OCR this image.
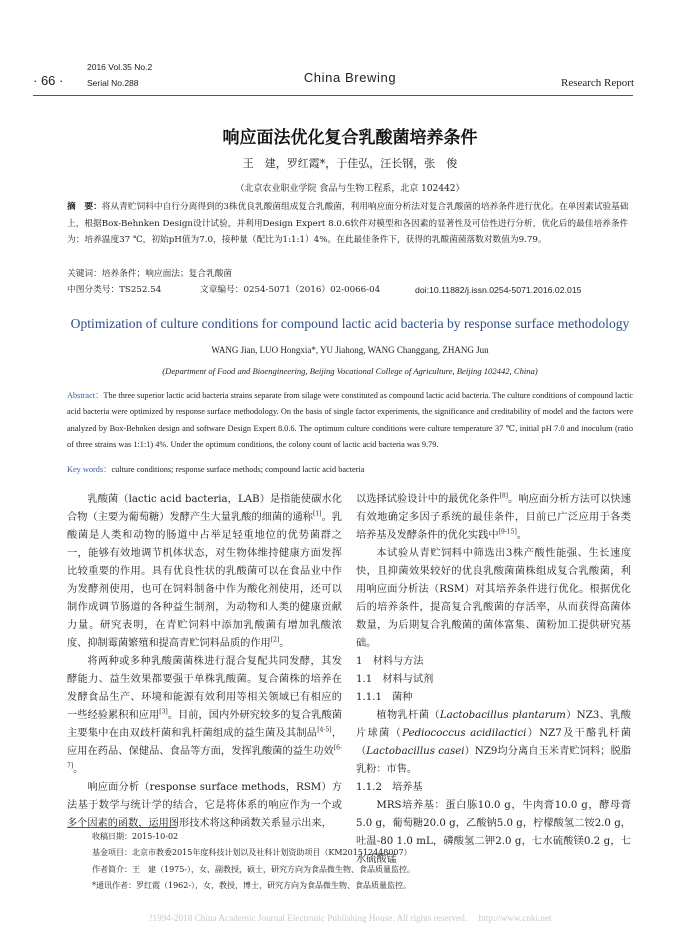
· 66 ·
2016 Vol.35 No.2
Serial No.288	China Brewing	Research Report
响应面法优化复合乳酸菌培养条件
王　建，罗红霞*，于佳弘，汪长钢，张　俊
（北京农业职业学院 食品与生物工程系，北京 102442）
摘　要：将从青贮饲料中自行分离得到的3株优良乳酸菌组成复合乳酸菌，利用响应面分析法对复合乳酸菌的培养条件进行优化。在单因素试验基础上，根据Box-Behnken Design设计试验，并利用Design Expert 8.0.6软件对模型和各因素的显著性及可信性进行分析，优化后的最佳培养条件为：培养温度37 ℃，初始pH值为7.0，接种量（配比为1:1:1）4%。在此最佳条件下，获得的乳酸菌菌落数对数值为9.79。
关键词：培养条件；响应面法；复合乳酸菌
中图分类号：TS252.54	文章编号：0254-5071（2016）02-0066-04	doi:10.11882/j.issn.0254-5071.2016.02.015
Optimization of culture conditions for compound lactic acid bacteria by response surface methodology
WANG Jian, LUO Hongxia*, YU Jiahong, WANG Changgang, ZHANG Jun
(Department of Food and Bioengineering, Beijing Vocational College of Agriculture, Beijing 102442, China)
Abstract：The three superior lactic acid bacteria strains separate from silage were constituted as compound lactic acid bacteria. The culture conditions of compound lactic acid bacteria were optimized by response surface methodology. On the basis of single factor experiments, the significance and creditability of model and the factors were analyzed by Box-Behnken design and software Design Expert 8.0.6. The optimum culture conditions were culture temperature 37 ℃, initial pH 7.0 and inoculum (ratio of three strains was 1:1:1) 4%. Under the optimum conditions, the colony count of lactic acid bacteria was 9.79.
Key words：culture conditions; response surface methods; compound lactic acid bacteria

乳酸菌（lactic acid bacteria，LAB）是指能使碳水化合物（主要为葡萄糖）发酵产生大量乳酸的细菌的通称[1]。乳酸菌是人类和动物的肠道中占举足轻重地位的优势菌群之一，能够有效地调节机体状态，对生物体维持健康方面发挥比较重要的作用。具有优良性状的乳酸菌可以在食品业中作为发酵剂使用，也可在饲料制备中作为酸化剂使用，还可以制作成调节肠道的各种益生制剂，为动物和人类的健康贡献力量。研究表明，在青贮饲料中添加乳酸菌有增加乳酸浓度、抑制霉菌繁殖和提高青贮饲料品质的作用[2]。

将两种或多种乳酸菌菌株进行混合复配共同发酵，其发酵能力、益生效果都要强于单株乳酸菌。复合菌株的培养在发酵食品生产、环境和能源有效利用等相关领域已有相应的一些经验累积和应用[3]。目前，国内外研究较多的复合乳酸菌主要集中在由双歧杆菌和乳杆菌组成的益生菌及其制品[4-5]，应用在药品、保健品、食品等方面，发挥乳酸菌的益生功效[6-7]。

响应面分析（response surface methods，RSM）方法基于数学与统计学的结合，它是将体系的响应作为一个或多个因素的函数，运用图形技术将这种函数关系显示出来，

以选择试验设计中的最优化条件[8]。响应面分析方法可以快速有效地确定多因子系统的最佳条件，目前已广泛应用于各类培养基及发酵条件的优化实践中[9-15]。

本试验从青贮饲料中筛选出3株产酸性能强、生长速度快，且抑菌效果较好的优良乳酸菌菌株组成复合乳酸菌，利用响应面分析法（RSM）对其培养条件进行优化。根据优化后的培养条件，提高复合乳酸菌的存活率，从而获得高菌体数量，为后期复合乳酸菌的菌体富集、菌粉加工提供研究基础。

1　材料与方法

1.1　材料与试剂

1.1.1　菌种

植物乳杆菌（Lactobacillus plantarum）NZ3、乳酸片球菌（Pediococcus acidilactici）NZ7及干酪乳杆菌（Lactobacillus casei）NZ9均分离自玉米青贮饲料；脱脂乳粉：市售。

1.1.2　培养基

MRS培养基：蛋白胨10.0 g，牛肉膏10.0 g，酵母膏5.0 g，葡萄糖20.0 g，乙酸钠5.0 g，柠檬酸氢二铵2.0 g，吐温-80 1.0 mL，磷酸氢二钾2.0 g，七水硫酸镁0.2 g，七水硫酸锰

收稿日期：2015-10-02
基金项目：北京市教委2015年度科技计划以及社科计划资助项目（KM201512448007）
作者简介：王　建（1975-），女，副教授，硕士，研究方向为食品微生物、食品质量监控。
*通讯作者：罗红霞（1962-），女，教授，博士，研究方向为食品微生物、食品质量监控。
?1994-2018 China Academic Journal Electronic Publishing House. All rights reserved.　 http://www.cnki.net
